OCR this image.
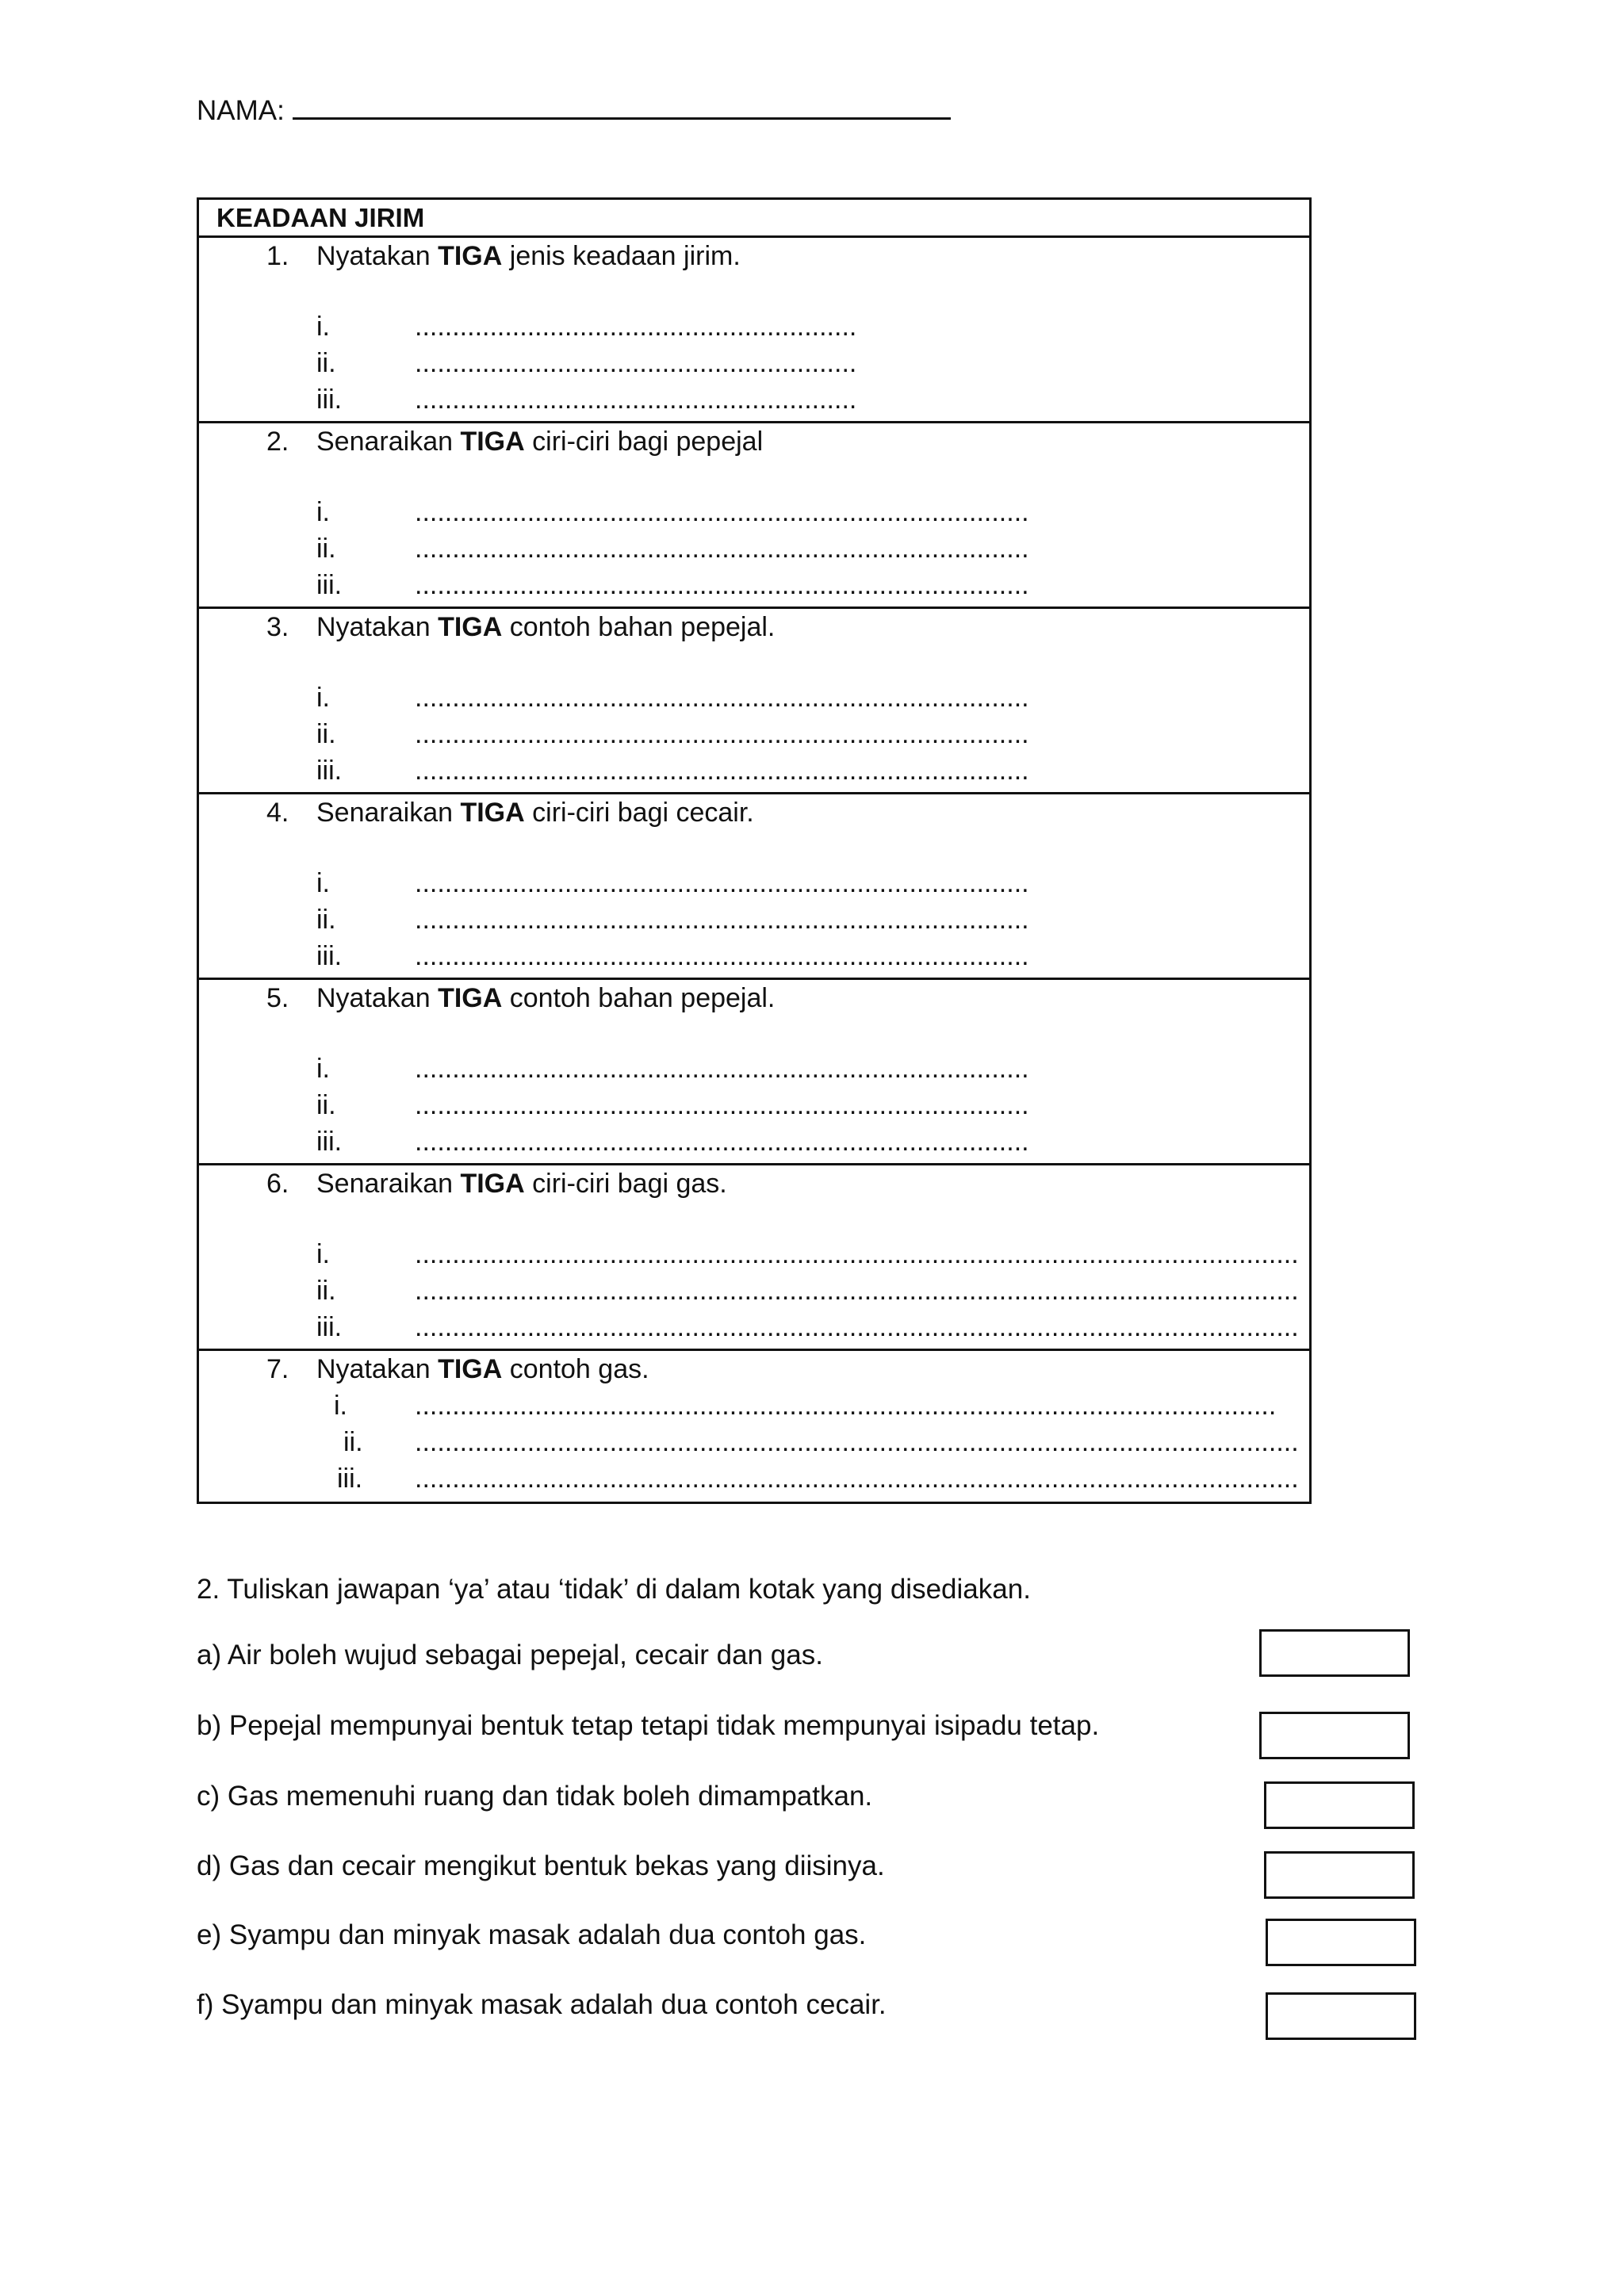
NAMA:
KEADAAN JIRIM
1. Nyatakan TIGA jenis keadaan jirim.
i.	...........................................................
ii.	...........................................................
iii.	...........................................................
2. Senaraikan TIGA ciri-ciri bagi pepejal
i.	..................................................................................
ii.	..................................................................................
iii.	..................................................................................
3. Nyatakan TIGA contoh bahan pepejal.
i.	..................................................................................
ii.	..................................................................................
iii.	..................................................................................
4. Senaraikan TIGA ciri-ciri bagi cecair.
i.	..................................................................................
ii.	..................................................................................
iii.	..................................................................................
5. Nyatakan TIGA contoh bahan pepejal.
i.	..................................................................................
ii.	..................................................................................
iii.	..................................................................................
6. Senaraikan TIGA ciri-ciri bagi gas.
i.	......................................................................................................................
ii.	......................................................................................................................
iii.	......................................................................................................................
7. Nyatakan TIGA contoh gas.
i.	...................................................................................................................
ii. ......................................................................................................................
iii. ......................................................................................................................
2. Tuliskan jawapan ‘ya’ atau ‘tidak’ di dalam kotak yang disediakan.
a) Air boleh wujud sebagai pepejal, cecair dan gas.
b) Pepejal mempunyai bentuk tetap tetapi tidak mempunyai isipadu tetap.
c) Gas memenuhi ruang dan tidak boleh dimampatkan.
d) Gas dan cecair mengikut bentuk bekas yang diisinya.
e) Syampu dan minyak masak adalah dua contoh gas.
f) Syampu dan minyak masak adalah dua contoh cecair.
